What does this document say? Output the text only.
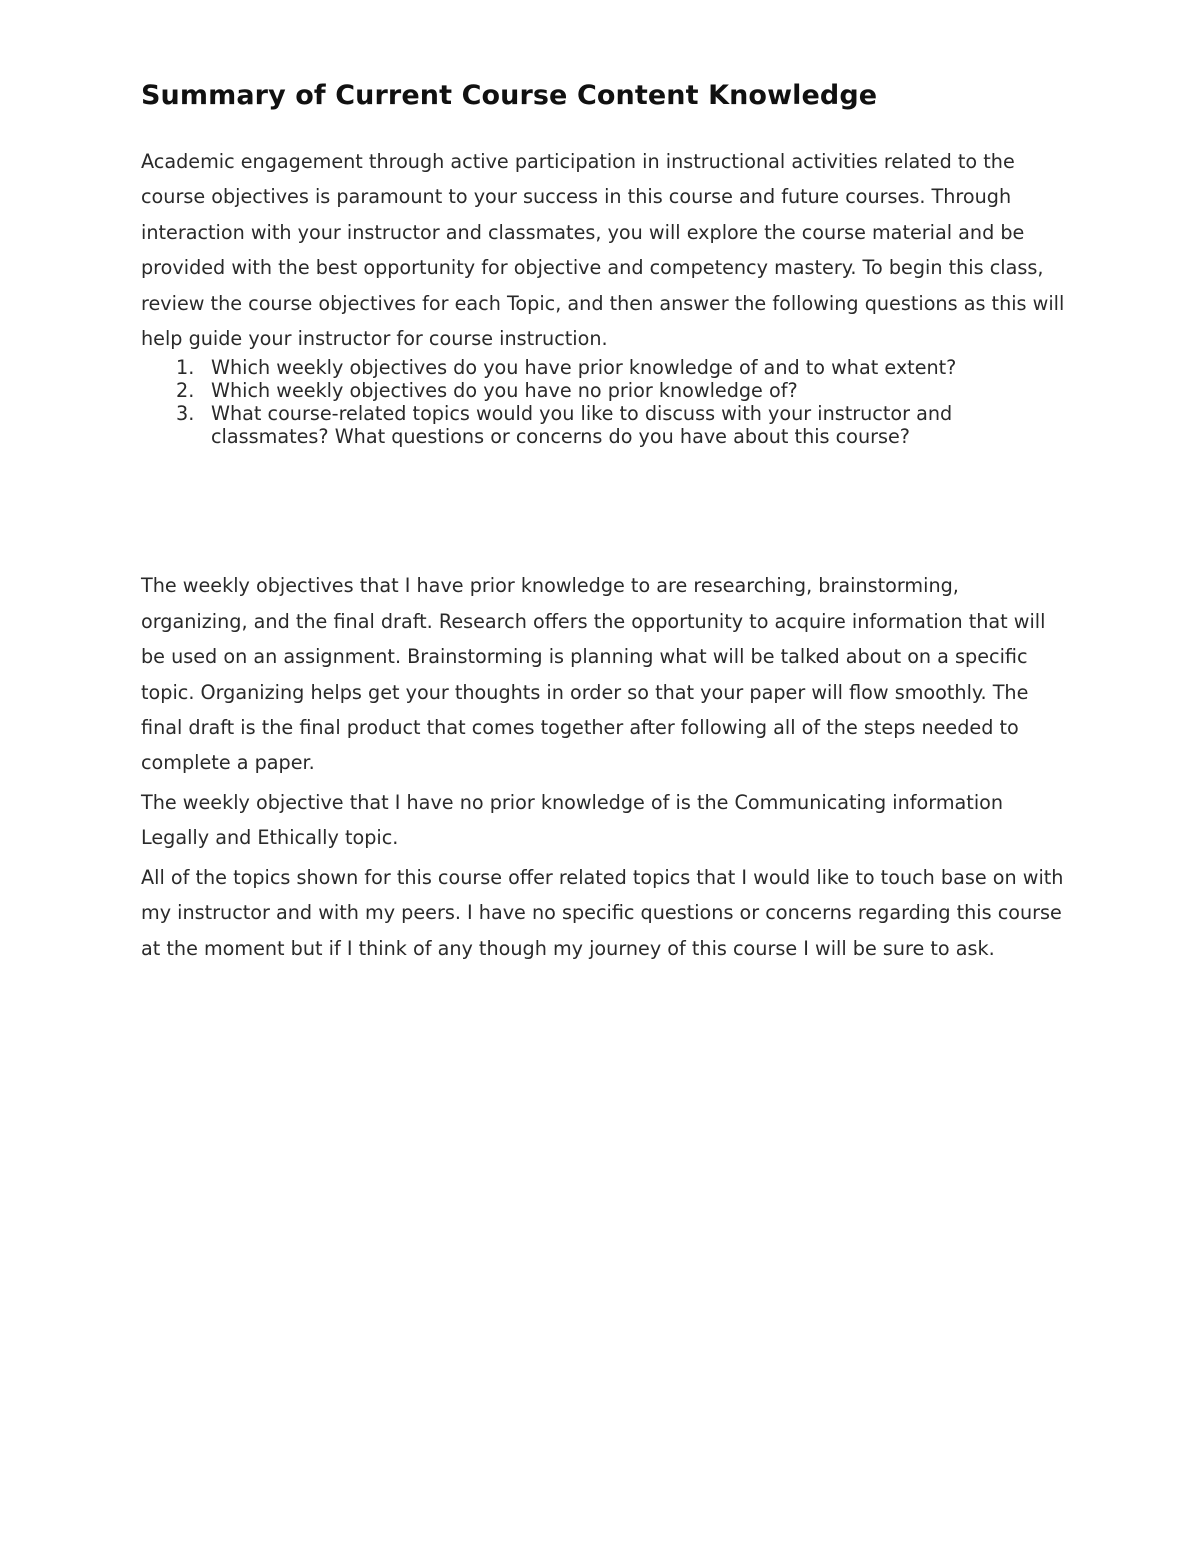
Summary of Current Course Content Knowledge

Academic engagement through active participation in instructional activities related to the course objectives is paramount to your success in this course and future courses. Through interaction with your instructor and classmates, you will explore the course material and be provided with the best opportunity for objective and competency mastery. To begin this class, review the course objectives for each Topic, and then answer the following questions as this will help guide your instructor for course instruction.

1. Which weekly objectives do you have prior knowledge of and to what extent?
2. Which weekly objectives do you have no prior knowledge of?
3. What course-related topics would you like to discuss with your instructor and classmates? What questions or concerns do you have about this course?

The weekly objectives that I have prior knowledge to are researching, brainstorming, organizing, and the final draft. Research offers the opportunity to acquire information that will be used on an assignment. Brainstorming is planning what will be talked about on a specific topic. Organizing helps get your thoughts in order so that your paper will flow smoothly. The final draft is the final product that comes together after following all of the steps needed to complete a paper.

The weekly objective that I have no prior knowledge of is the Communicating information Legally and Ethically topic.

All of the topics shown for this course offer related topics that I would like to touch base on with my instructor and with my peers. I have no specific questions or concerns regarding this course at the moment but if I think of any though my journey of this course I will be sure to ask.
